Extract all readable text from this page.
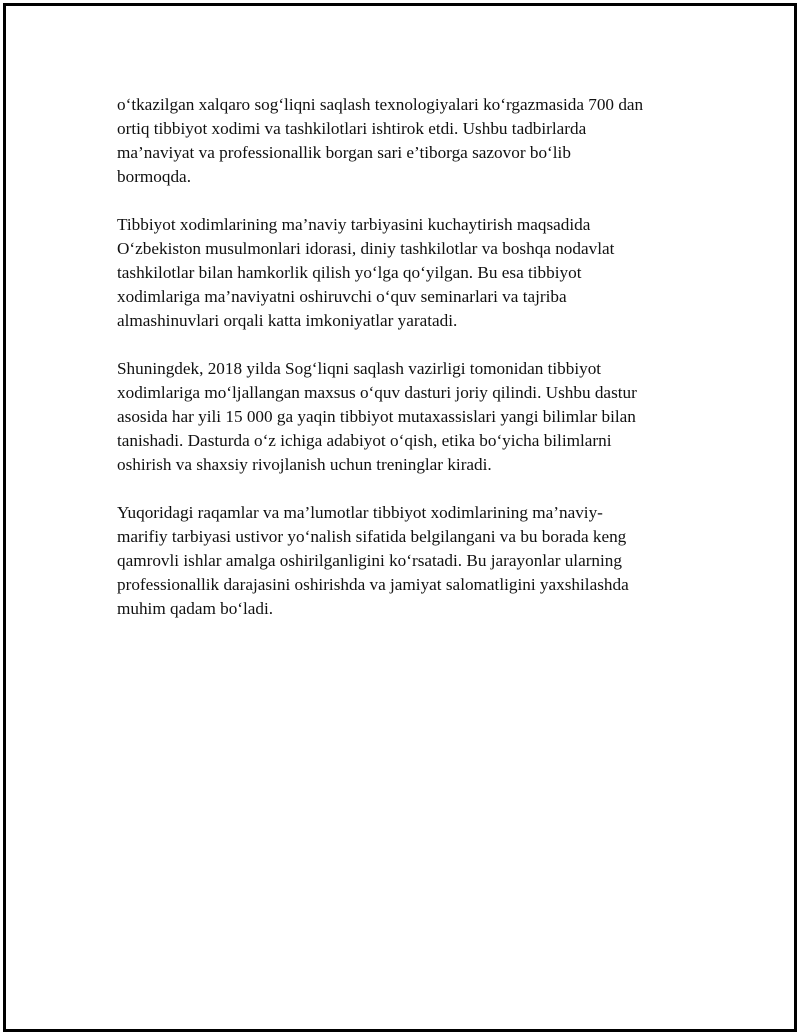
o‘tkazilgan xalqaro sog‘liqni saqlash texnologiyalari ko‘rgazmasida 700 dan
ortiq tibbiyot xodimi va tashkilotlari ishtirok etdi. Ushbu tadbirlarda
ma’naviyat va professionallik borgan sari e’tiborga sazovor bo‘lib
bormoqda.

Tibbiyot xodimlarining ma’naviy tarbiyasini kuchaytirish maqsadida
O‘zbekiston musulmonlari idorasi, diniy tashkilotlar va boshqa nodavlat
tashkilotlar bilan hamkorlik qilish yo‘lga qo‘yilgan. Bu esa tibbiyot
xodimlariga ma’naviyatni oshiruvchi o‘quv seminarlari va tajriba
almashinuvlari orqali katta imkoniyatlar yaratadi.

Shuningdek, 2018 yilda Sog‘liqni saqlash vazirligi tomonidan tibbiyot
xodimlariga mo‘ljallangan maxsus o‘quv dasturi joriy qilindi. Ushbu dastur
asosida har yili 15 000 ga yaqin tibbiyot mutaxassislari yangi bilimlar bilan
tanishadi. Dasturda o‘z ichiga adabiyot o‘qish, etika bo‘yicha bilimlarni
oshirish va shaxsiy rivojlanish uchun treninglar kiradi.

Yuqoridagi raqamlar va ma’lumotlar tibbiyot xodimlarining ma’naviy-
marifiy tarbiyasi ustivor yo‘nalish sifatida belgilangani va bu borada keng
qamrovli ishlar amalga oshirilganligini ko‘rsatadi. Bu jarayonlar ularning
professionallik darajasini oshirishda va jamiyat salomatligini yaxshilashda
muhim qadam bo‘ladi.
